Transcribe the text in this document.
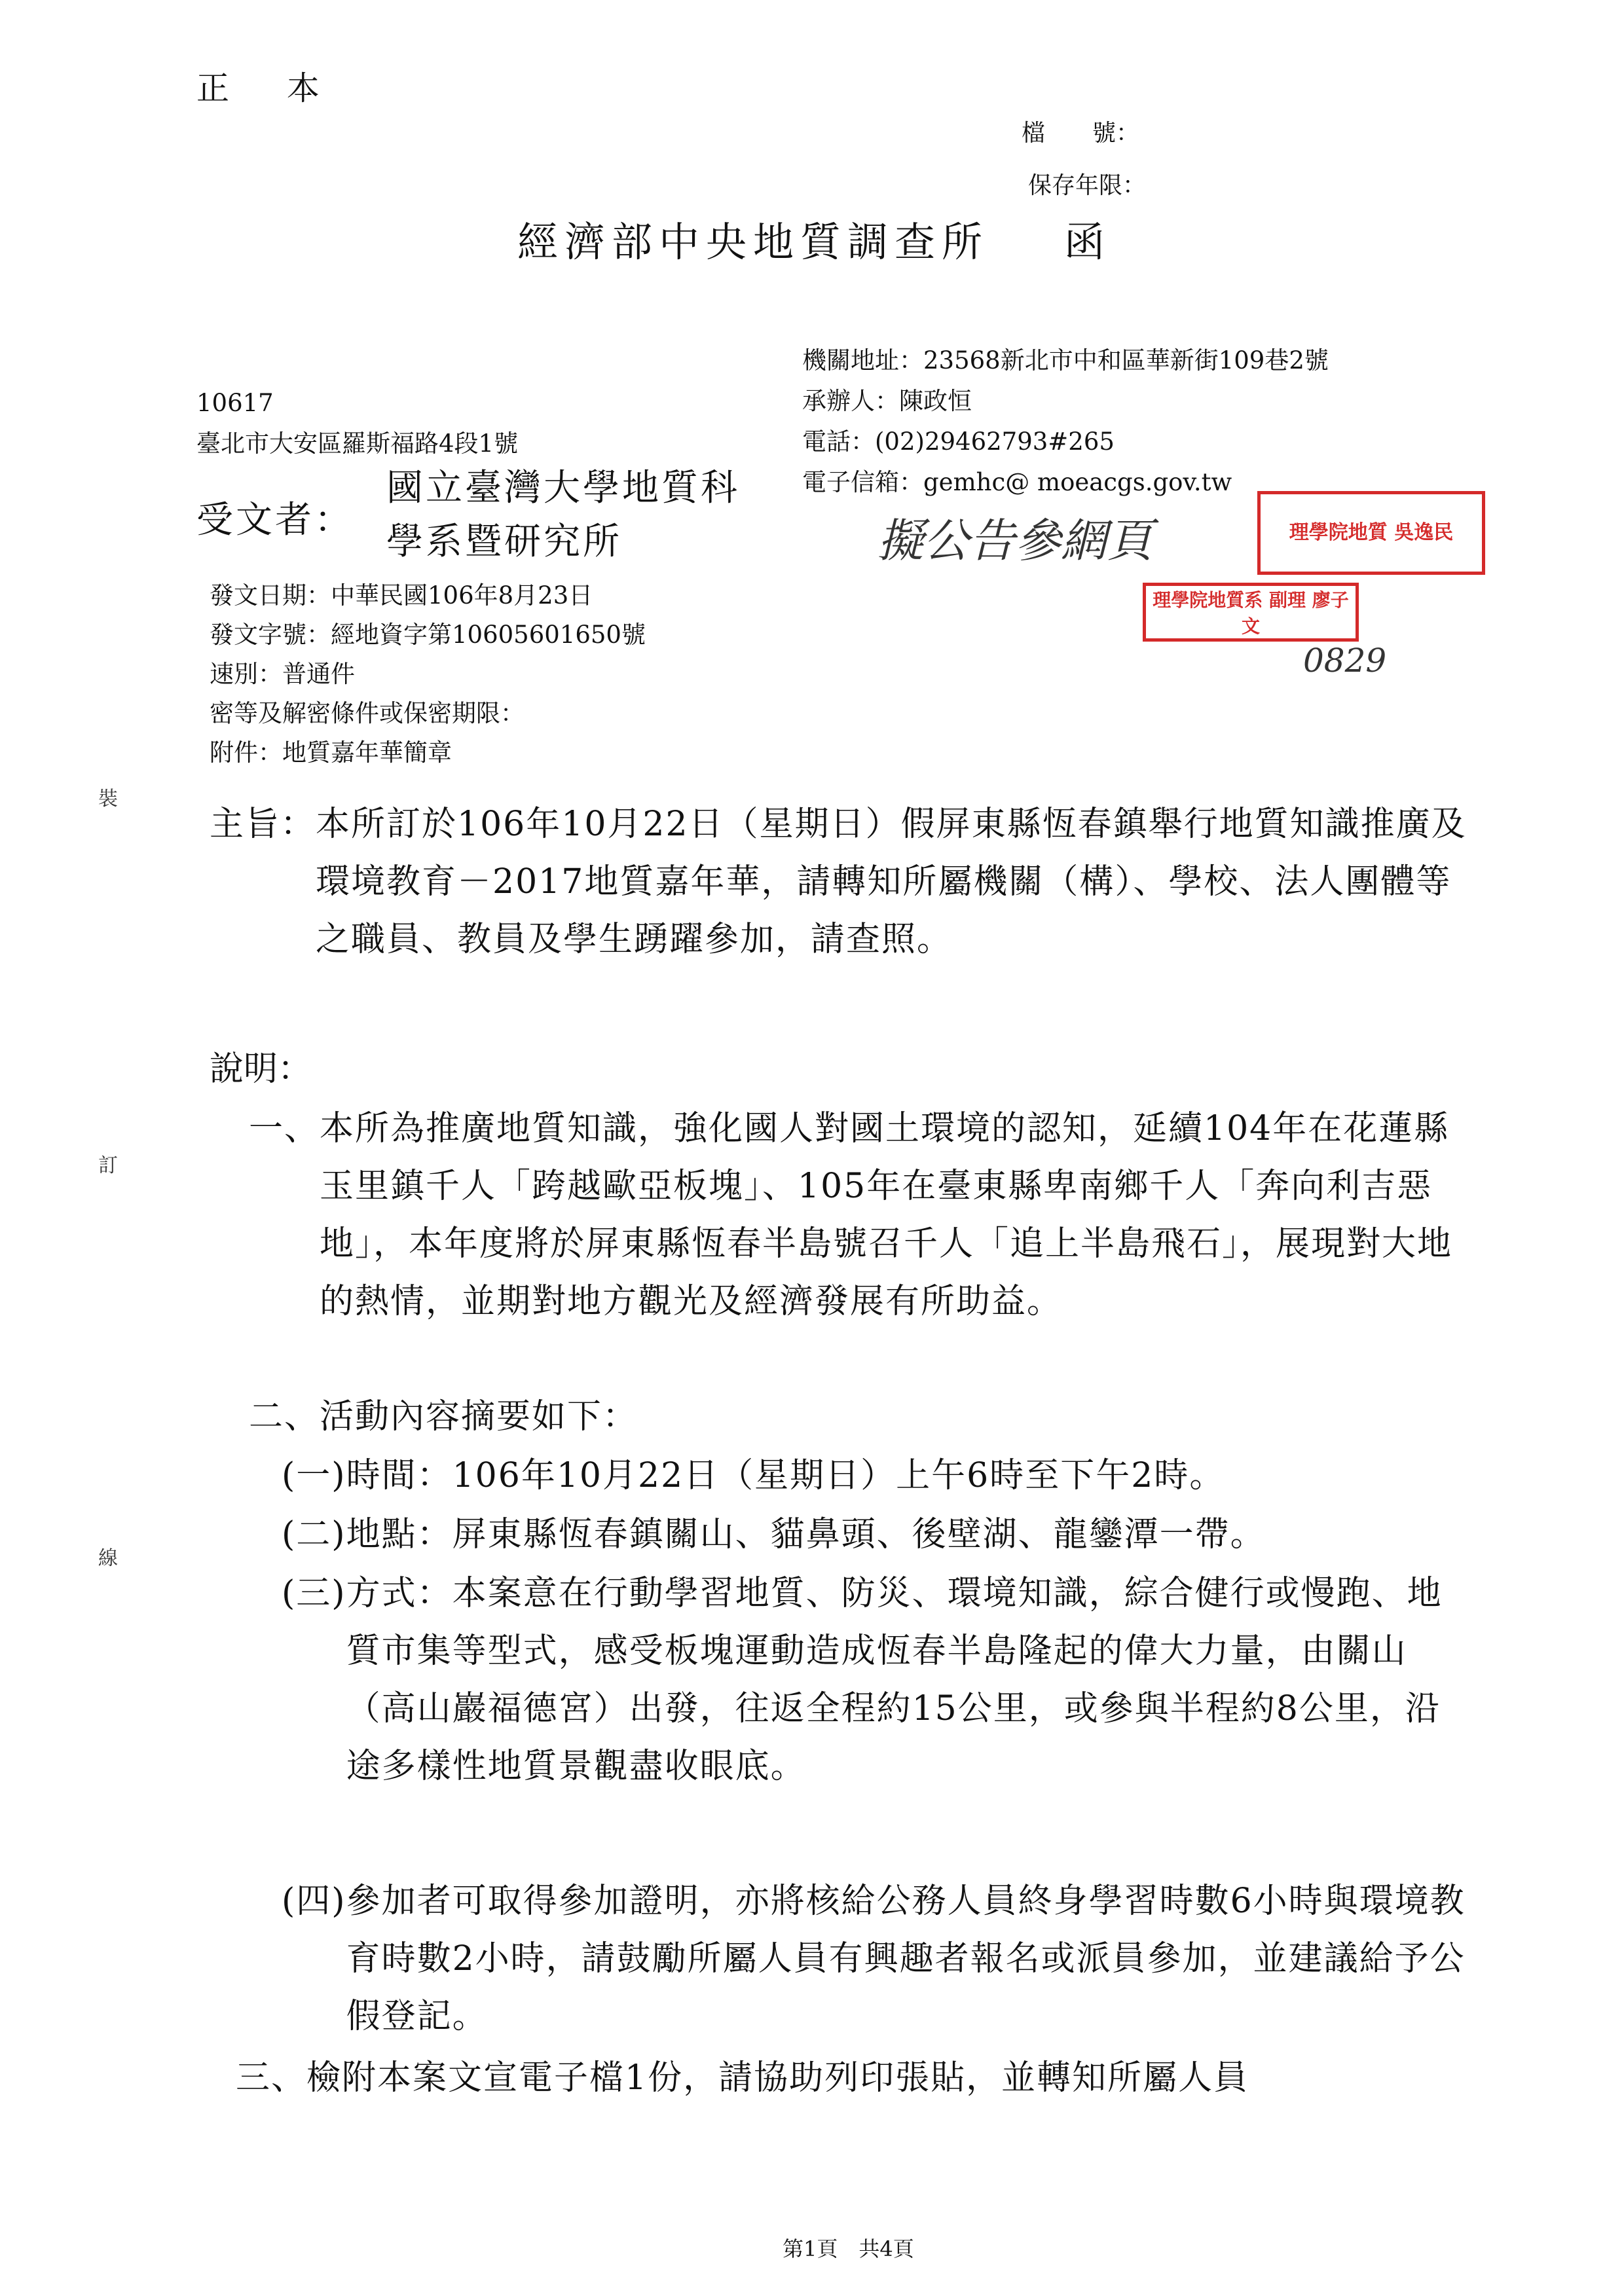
正 本
檔　　號：
保存年限：
經濟部中央地質調查所 函
機關地址：23568新北市中和區華新街109巷2號
承辦人：陳政恒
電話：(02)29462793#265
電子信箱：gemhc@ moeacgs.gov.tw
10617
臺北市大安區羅斯福路4段1號
受文者：
國立臺灣大學地質科
學系暨研究所	擬公告參網頁	理學院地質 吳逸民
理學院地質系 副理 廖子文
0829
發文日期：中華民國106年8月23日
發文字號：經地資字第10605601650號
速別：普通件
密等及解密條件或保密期限：
附件：地質嘉年華簡章
裝
訂
線
主旨： 本所訂於106年10月22日（星期日）假屏東縣恆春鎮舉行地質知識推廣及環境教育－2017地質嘉年華，請轉知所屬機關（構）、學校、法人團體等之職員、教員及學生踴躍參加，請查照。
說明：
一、 本所為推廣地質知識，強化國人對國土環境的認知，延續104年在花蓮縣玉里鎮千人「跨越歐亞板塊」、105年在臺東縣卑南鄉千人「奔向利吉惡地」，本年度將於屏東縣恆春半島號召千人「追上半島飛石」，展現對大地的熱情，並期對地方觀光及經濟發展有所助益。
二、 活動內容摘要如下：
(一) 時間：106年10月22日（星期日）上午6時至下午2時。
(二) 地點：屏東縣恆春鎮關山、貓鼻頭、後壁湖、龍鑾潭一帶。
(三) 方式：本案意在行動學習地質、防災、環境知識，綜合健行或慢跑、地質市集等型式，感受板塊運動造成恆春半島隆起的偉大力量，由關山（高山巖福德宮）出發，往返全程約15公里，或參與半程約8公里，沿途多樣性地質景觀盡收眼底。
(四) 參加者可取得參加證明，亦將核給公務人員終身學習時數6小時與環境教育時數2小時，請鼓勵所屬人員有興趣者報名或派員參加，並建議給予公假登記。
三、 檢附本案文宣電子檔1份，請協助列印張貼，並轉知所屬人員
第1頁　共4頁
